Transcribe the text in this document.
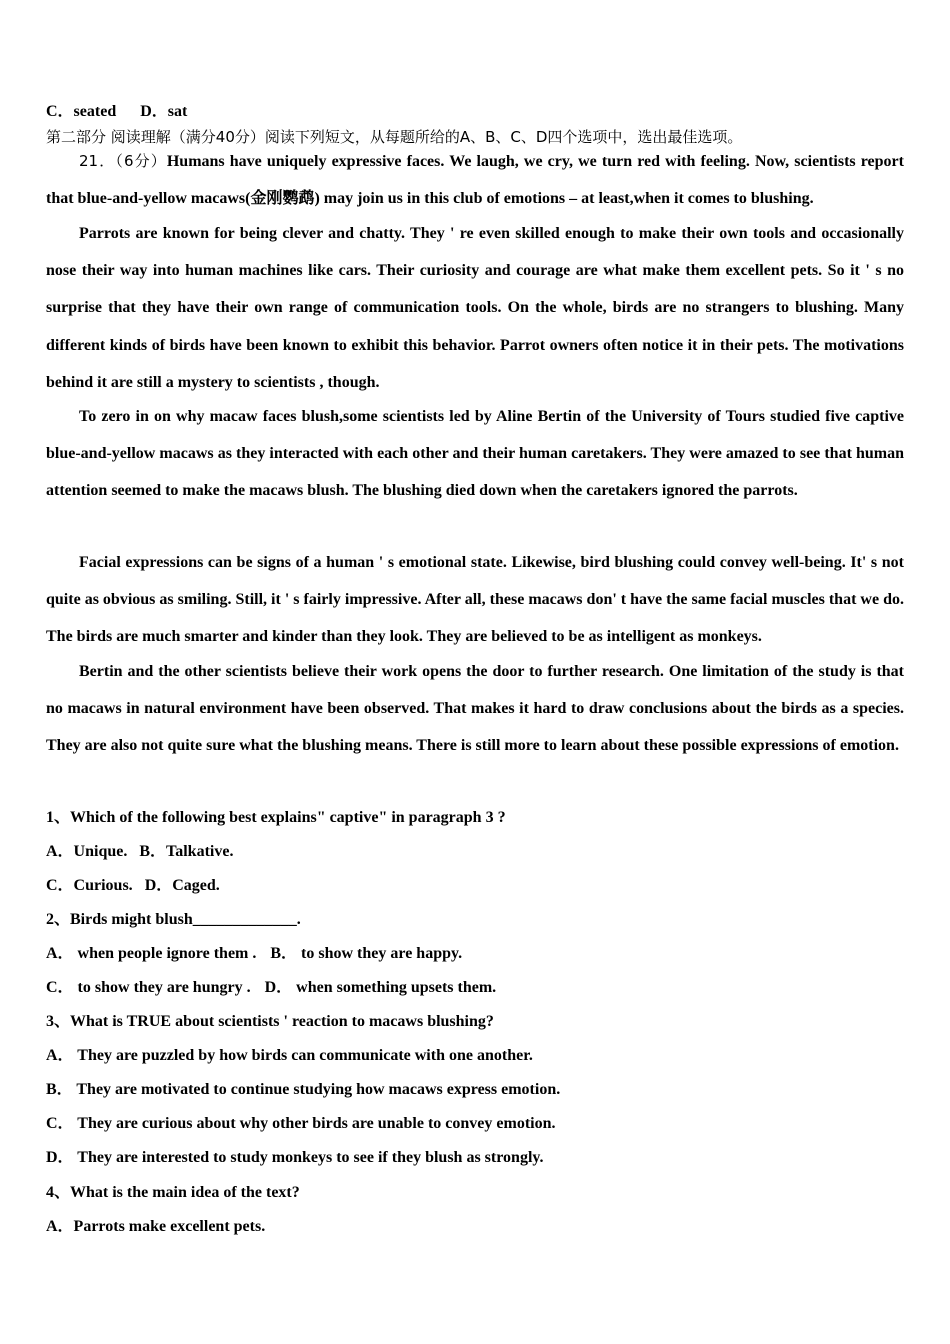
C．seated D．sat
第二部分 阅读理解（满分40分）阅读下列短文，从每题所给的A、B、C、D四个选项中，选出最佳选项。
21．（6分）Humans have uniquely expressive faces. We laugh, we cry, we turn red with feeling. Now, scientists report that blue-and-yellow macaws(金刚鹦鹉) may join us in this club of emotions – at least,when it comes to blushing.
Parrots are known for being clever and chatty. They ' re even skilled enough to make their own tools and occasionally nose their way into human machines like cars. Their curiosity and courage are what make them excellent pets. So it ' s no surprise that they have their own range of communication tools. On the whole, birds are no strangers to blushing. Many different kinds of birds have been known to exhibit this behavior. Parrot owners often notice it in their pets. The motivations behind it are still a mystery to scientists , though.
To zero in on why macaw faces blush,some scientists led by Aline Bertin of the University of Tours studied five captive blue-and-yellow macaws as they interacted with each other and their human caretakers. They were amazed to see that human attention seemed to make the macaws blush. The blushing died down when the caretakers ignored the parrots.
Facial expressions can be signs of a human ' s emotional state. Likewise, bird blushing could convey well-being. It' s not quite as obvious as smiling. Still, it ' s fairly impressive. After all, these macaws don' t have the same facial muscles that we do. The birds are much smarter and kinder than they look. They are believed to be as intelligent as monkeys.
Bertin and the other scientists believe their work opens the door to further research. One limitation of the study is that no macaws in natural environment have been observed. That makes it hard to draw conclusions about the birds as a species. They are also not quite sure what the blushing means. There is still more to learn about these possible expressions of emotion.
1、Which of the following best explains" captive" in paragraph 3 ?
A．Unique. B．Talkative.
C．Curious. D．Caged.
2、Birds might blush_____________.
A． when people ignore them . B． to show they are happy.
C． to show they are hungry . D． when something upsets them.
3、What is TRUE about scientists ' reaction to macaws blushing?
A． They are puzzled by how birds can communicate with one another.
B． They are motivated to continue studying how macaws express emotion.
C． They are curious about why other birds are unable to convey emotion.
D． They are interested to study monkeys to see if they blush as strongly.
4、What is the main idea of the text?
A．Parrots make excellent pets.
